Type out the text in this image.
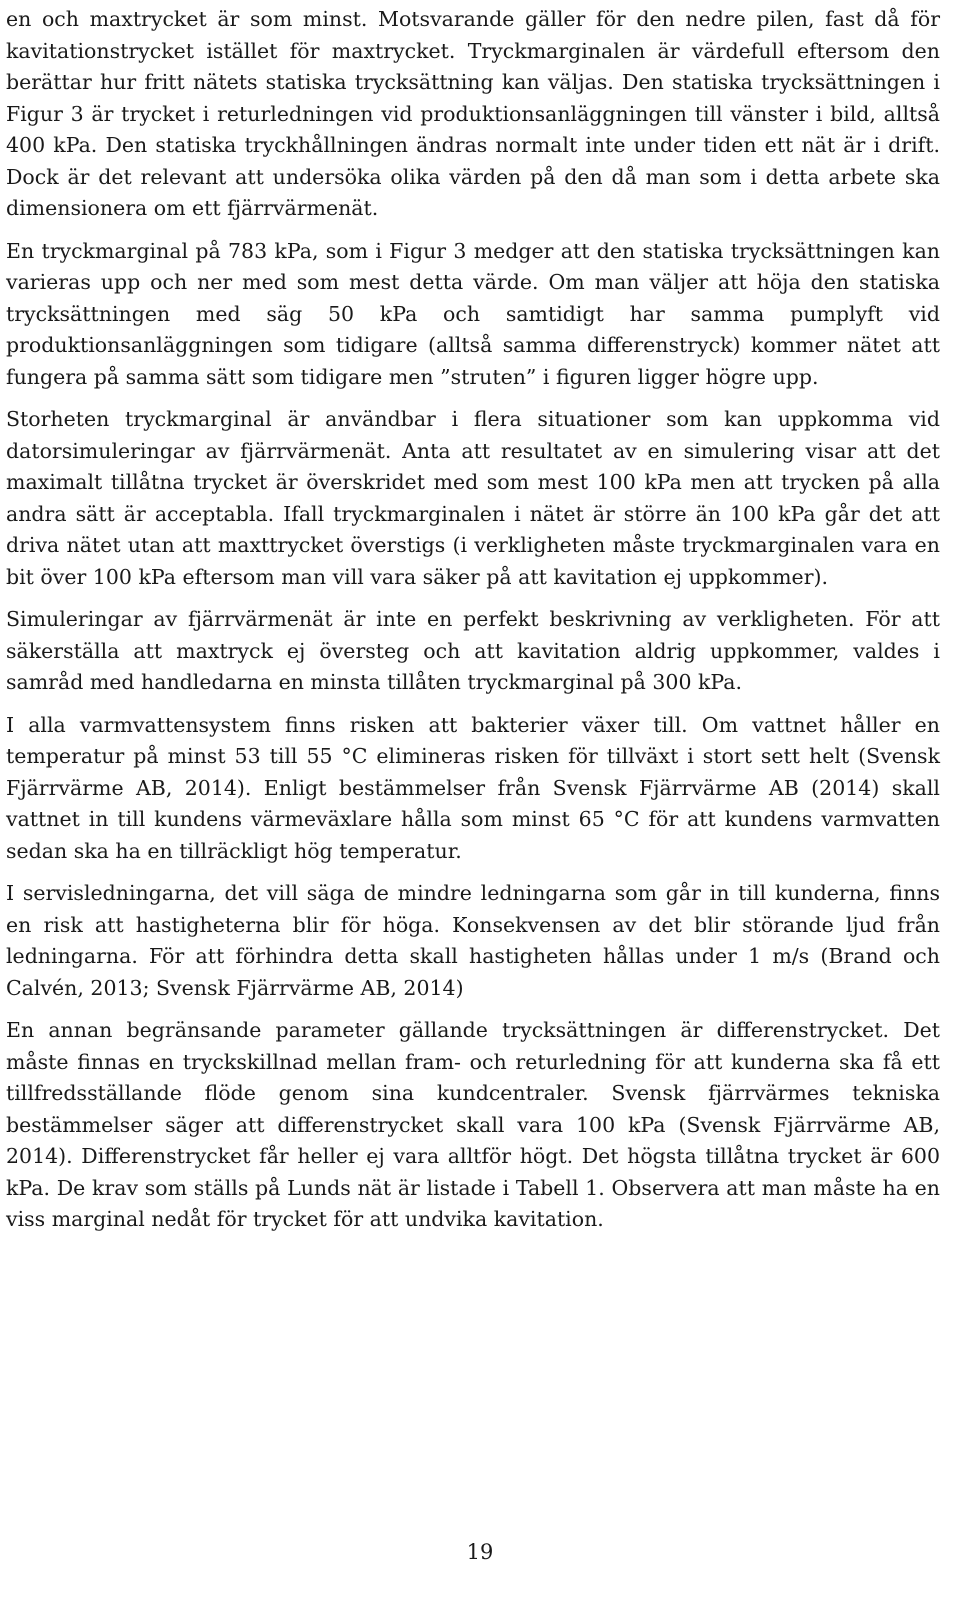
en och maxtrycket är som minst. Motsvarande gäller för den nedre pilen, fast då för kavitationstrycket istället för maxtrycket. Tryckmarginalen är värdefull eftersom den berättar hur fritt nätets statiska trycksättning kan väljas. Den statiska trycksättningen i Figur 3 är trycket i returledningen vid produktionsanläggningen till vänster i bild, alltså 400 kPa. Den statiska tryckhållningen ändras normalt inte under tiden ett nät är i drift. Dock är det relevant att undersöka olika värden på den då man som i detta arbete ska dimensionera om ett fjärrvärmenät.

En tryckmarginal på 783 kPa, som i Figur 3 medger att den statiska trycksättningen kan varieras upp och ner med som mest detta värde. Om man väljer att höja den statiska trycksättningen med säg 50 kPa och samtidigt har samma pumplyft vid produktionsanläggningen som tidigare (alltså samma differenstryck) kommer nätet att fungera på samma sätt som tidigare men ”struten” i figuren ligger högre upp.

Storheten tryckmarginal är användbar i flera situationer som kan uppkomma vid datorsimuleringar av fjärrvärmenät. Anta att resultatet av en simulering visar att det maximalt tillåtna trycket är överskridet med som mest 100 kPa men att trycken på alla andra sätt är acceptabla. Ifall tryckmarginalen i nätet är större än 100 kPa går det att driva nätet utan att maxttrycket överstigs (i verkligheten måste tryckmarginalen vara en bit över 100 kPa eftersom man vill vara säker på att kavitation ej uppkommer).

Simuleringar av fjärrvärmenät är inte en perfekt beskrivning av verkligheten. För att säkerställa att maxtryck ej översteg och att kavitation aldrig uppkommer, valdes i samråd med handledarna en minsta tillåten tryckmarginal på 300 kPa.

I alla varmvattensystem finns risken att bakterier växer till. Om vattnet håller en temperatur på minst 53 till 55 °C elimineras risken för tillväxt i stort sett helt (Svensk Fjärrvärme AB, 2014). Enligt bestämmelser från Svensk Fjärrvärme AB (2014) skall vattnet in till kundens värmeväxlare hålla som minst 65 °C för att kundens varmvatten sedan ska ha en tillräckligt hög temperatur.

I servisledningarna, det vill säga de mindre ledningarna som går in till kunderna, finns en risk att hastigheterna blir för höga. Konsekvensen av det blir störande ljud från ledningarna. För att förhindra detta skall hastigheten hållas under 1 m/s (Brand och Calvén, 2013; Svensk Fjärrvärme AB, 2014)

En annan begränsande parameter gällande trycksättningen är differenstrycket. Det måste finnas en tryckskillnad mellan fram- och returledning för att kunderna ska få ett tillfredsställande flöde genom sina kundcentraler. Svensk fjärrvärmes tekniska bestämmelser säger att differenstrycket skall vara 100 kPa (Svensk Fjärrvärme AB, 2014). Differenstrycket får heller ej vara alltför högt. Det högsta tillåtna trycket är 600 kPa. De krav som ställs på Lunds nät är listade i Tabell 1. Observera att man måste ha en viss marginal nedåt för trycket för att undvika kavitation.

19
